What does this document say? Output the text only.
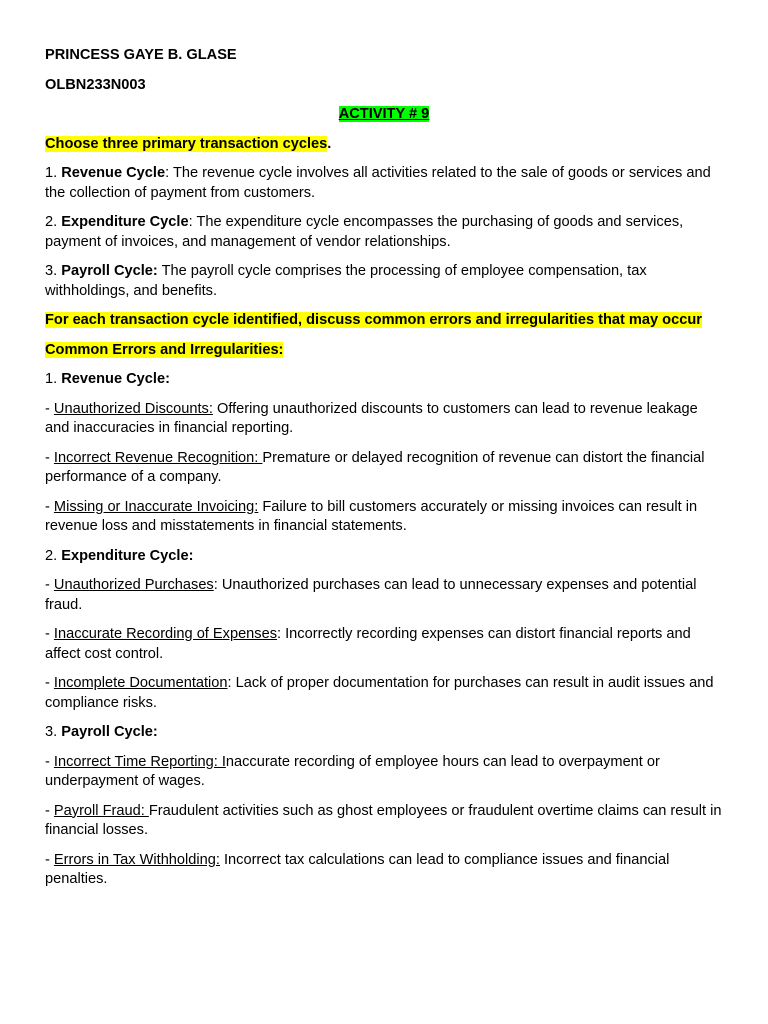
PRINCESS GAYE B. GLASE

OLBN233N003

ACTIVITY # 9

Choose three primary transaction cycles.

1. Revenue Cycle: The revenue cycle involves all activities related to the sale of goods or services and the collection of payment from customers.

2. Expenditure Cycle: The expenditure cycle encompasses the purchasing of goods and services, payment of invoices, and management of vendor relationships.

3. Payroll Cycle: The payroll cycle comprises the processing of employee compensation, tax withholdings, and benefits.

For each transaction cycle identified, discuss common errors and irregularities that may occur

Common Errors and Irregularities:

1. Revenue Cycle:

- Unauthorized Discounts: Offering unauthorized discounts to customers can lead to revenue leakage and inaccuracies in financial reporting.

- Incorrect Revenue Recognition: Premature or delayed recognition of revenue can distort the financial performance of a company.

- Missing or Inaccurate Invoicing: Failure to bill customers accurately or missing invoices can result in revenue loss and misstatements in financial statements.

2. Expenditure Cycle:

- Unauthorized Purchases: Unauthorized purchases can lead to unnecessary expenses and potential fraud.

- Inaccurate Recording of Expenses: Incorrectly recording expenses can distort financial reports and affect cost control.

- Incomplete Documentation: Lack of proper documentation for purchases can result in audit issues and compliance risks.

3. Payroll Cycle:

- Incorrect Time Reporting: Inaccurate recording of employee hours can lead to overpayment or underpayment of wages.

- Payroll Fraud: Fraudulent activities such as ghost employees or fraudulent overtime claims can result in financial losses.

- Errors in Tax Withholding: Incorrect tax calculations can lead to compliance issues and financial penalties.
